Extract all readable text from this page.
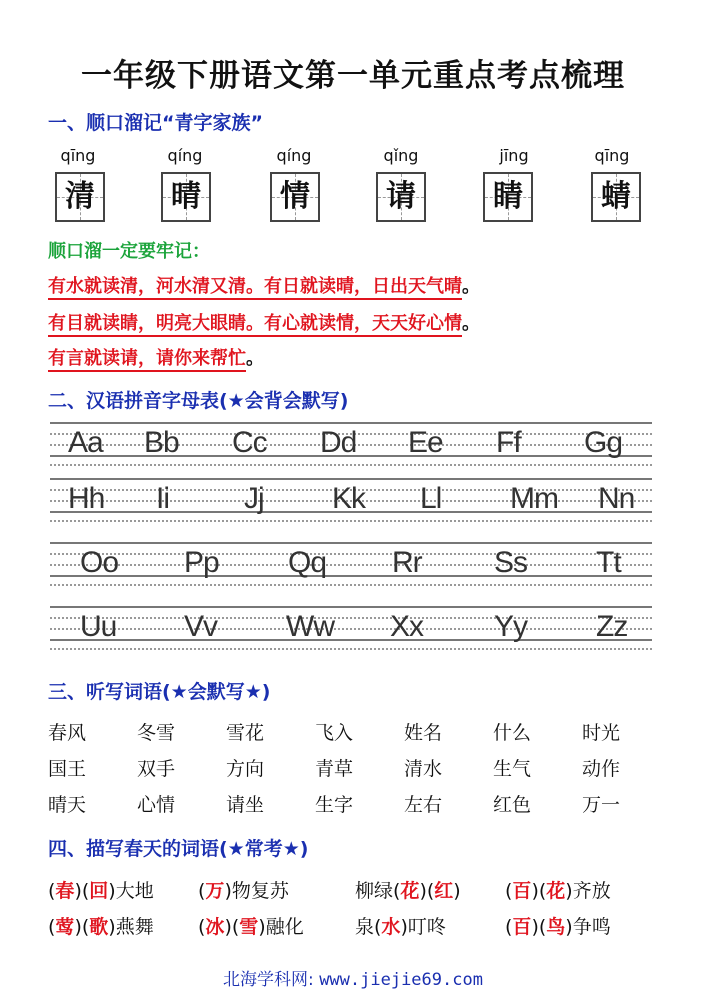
一年级下册语文第一单元重点考点梳理
一、顺口溜记“青字家族”
qīng	qíng	qíng	qǐng	jīng	qīng
清	晴	情	请	睛	蜻
顺口溜一定要牢记：
有水就读清，河水清又清。有日就读晴，日出天气晴。
有目就读睛，明亮大眼睛。有心就读情，天天好心情。
有言就读请，请你来帮忙。
二、汉语拼音字母表(★会背会默写)
Aa Bb Cc Dd Ee Ff Gg
Hh Ii	Jj Kk Ll Mm Nn
Oo Pp Qq Rr Ss Tt
Uu Vv Ww Xx Yy Zz
三、听写词语(★会默写★)
春风	冬雪	雪花	飞入	姓名	什么	时光
国王	双手	方向	青草	清水	生气	动作
晴天	心情	请坐	生字	左右	红色	万一
四、描写春天的词语(★常考★)
(春)(回)大地 (万)物复苏	柳绿(花)(红) (百)(花)齐放
(莺)(歌)燕舞 (冰)(雪)融化	泉(水)叮咚	(百)(鸟)争鸣
北海学科网: www.jiejie69.com
